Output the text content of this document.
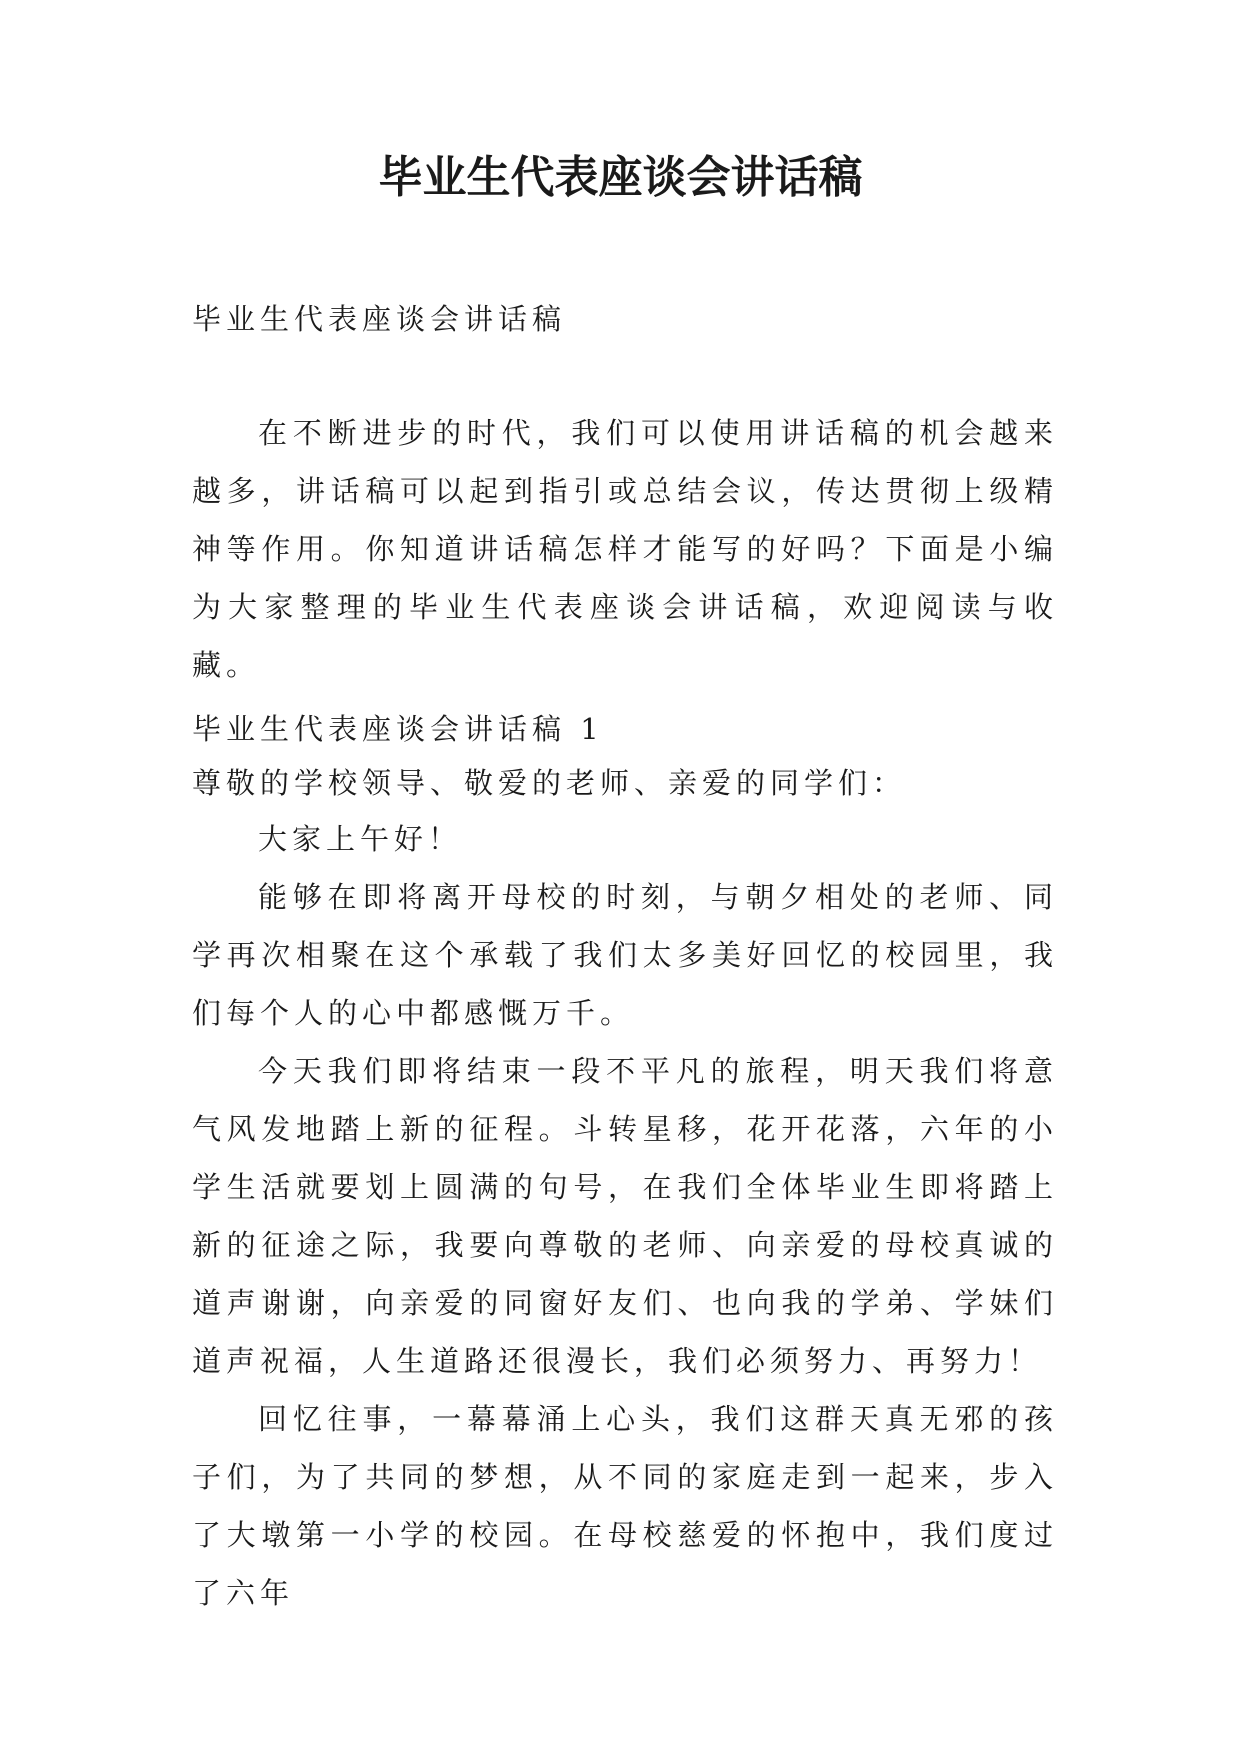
毕业生代表座谈会讲话稿

毕业生代表座谈会讲话稿

在不断进步的时代，我们可以使用讲话稿的机会越来越多，讲话稿可以起到指引或总结会议，传达贯彻上级精神等作用。你知道讲话稿怎样才能写的好吗？下面是小编为大家整理的毕业生代表座谈会讲话稿，欢迎阅读与收藏。

毕业生代表座谈会讲话稿 1

尊敬的学校领导、敬爱的老师、亲爱的同学们：

大家上午好！

能够在即将离开母校的时刻，与朝夕相处的老师、同学再次相聚在这个承载了我们太多美好回忆的校园里，我们每个人的心中都感慨万千。

今天我们即将结束一段不平凡的旅程，明天我们将意气风发地踏上新的征程。斗转星移，花开花落，六年的小学生活就要划上圆满的句号，在我们全体毕业生即将踏上新的征途之际，我要向尊敬的老师、向亲爱的母校真诚的道声谢谢，向亲爱的同窗好友们、也向我的学弟、学妹们道声祝福，人生道路还很漫长，我们必须努力、再努力！

回忆往事，一幕幕涌上心头，我们这群天真无邪的孩子们，为了共同的梦想，从不同的家庭走到一起来，步入了大墩第一小学的校园。在母校慈爱的怀抱中，我们度过了六年
